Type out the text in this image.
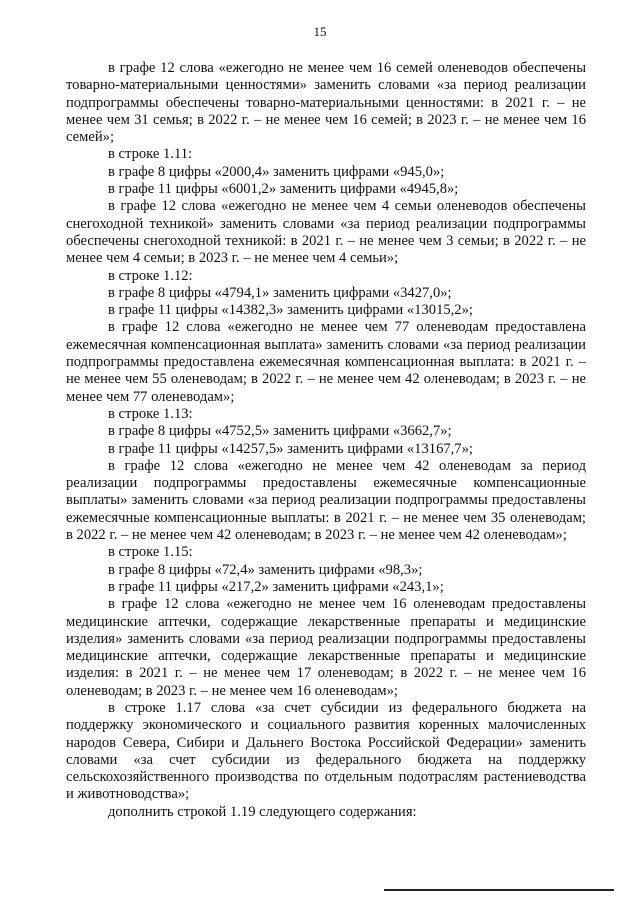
15

в графе 12 слова «ежегодно не менее чем 16 семей оленеводов обеспечены товарно-материальными ценностями» заменить словами «за период реализации подпрограммы обеспечены товарно-материальными ценностями: в 2021 г. – не менее чем 31 семья; в 2022 г. – не менее чем 16 семей; в 2023 г. – не менее чем 16 семей»;

в строке 1.11:

в графе 8 цифры «2000,4» заменить цифрами «945,0»;

в графе 11 цифры «6001,2» заменить цифрами «4945,8»;

в графе 12 слова «ежегодно не менее чем 4 семьи оленеводов обеспечены снегоходной техникой» заменить словами «за период реализации подпрограммы обеспечены снегоходной техникой: в 2021 г. – не менее чем 3 семьи; в 2022 г. – не менее чем 4 семьи; в 2023 г. – не менее чем 4 семьи»;

в строке 1.12:

в графе 8 цифры «4794,1» заменить цифрами «3427,0»;

в графе 11 цифры «14382,3» заменить цифрами «13015,2»;

в графе 12 слова «ежегодно не менее чем 77 оленеводам предоставлена ежемесячная компенсационная выплата» заменить словами «за период реализации подпрограммы предоставлена ежемесячная компенсационная выплата: в 2021 г. – не менее чем 55 оленеводам; в 2022 г. – не менее чем 42 оленеводам; в 2023 г. – не менее чем 77 оленеводам»;

в строке 1.13:

в графе 8 цифры «4752,5» заменить цифрами «3662,7»;

в графе 11 цифры «14257,5» заменить цифрами «13167,7»;

в графе 12 слова «ежегодно не менее чем 42 оленеводам за период реализации подпрограммы предоставлены ежемесячные компенсационные выплаты» заменить словами «за период реализации подпрограммы предоставлены ежемесячные компенсационные выплаты: в 2021 г. – не менее чем 35 оленеводам; в 2022 г. – не менее чем 42 оленеводам; в 2023 г. – не менее чем 42 оленеводам»;

в строке 1.15:

в графе 8 цифры «72,4» заменить цифрами «98,3»;

в графе 11 цифры «217,2» заменить цифрами «243,1»;

в графе 12 слова «ежегодно не менее чем 16 оленеводам предоставлены медицинские аптечки, содержащие лекарственные препараты и медицинские изделия» заменить словами «за период реализации подпрограммы предоставлены медицинские аптечки, содержащие лекарственные препараты и медицинские изделия: в 2021 г. – не менее чем 17 оленеводам; в 2022 г. – не менее чем 16 оленеводам; в 2023 г. – не менее чем 16 оленеводам»;

в строке 1.17 слова «за счет субсидии из федерального бюджета на поддержку экономического и социального развития коренных малочисленных народов Севера, Сибири и Дальнего Востока Российской Федерации» заменить словами «за счет субсидии из федерального бюджета на поддержку сельскохозяйственного производства по отдельным подотраслям растениеводства и животноводства»;

дополнить строкой 1.19 следующего содержания:
